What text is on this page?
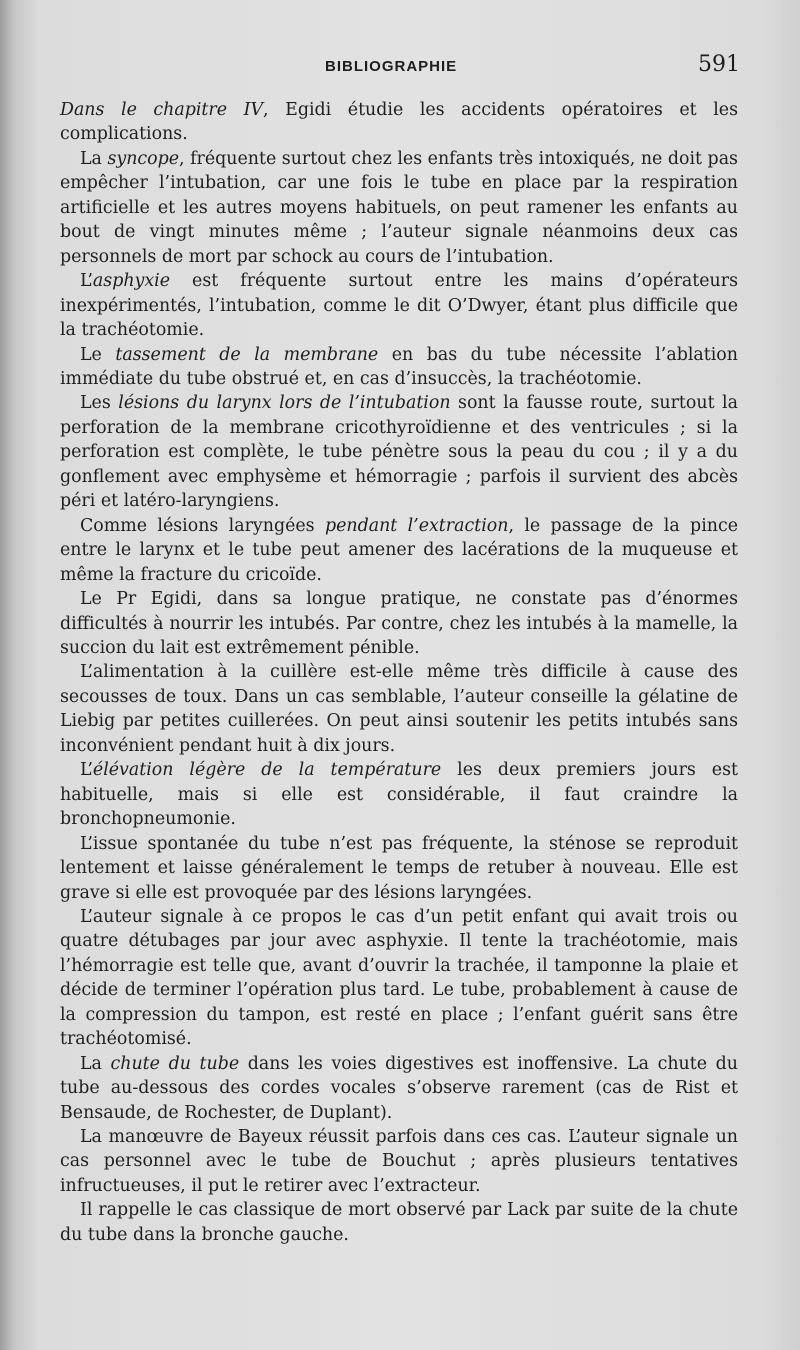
BIBLIOGRAPHIE	591

Dans le chapitre IV, Egidi étudie les accidents opératoires et les complications.

La syncope, fréquente surtout chez les enfants très intoxiqués, ne doit pas empêcher l’intubation, car une fois le tube en place par la respiration artificielle et les autres moyens habituels, on peut ramener les enfants au bout de vingt minutes même ; l’auteur signale néanmoins deux cas personnels de mort par schock au cours de l’intubation.

L’asphyxie est fréquente surtout entre les mains d’opérateurs inexpérimentés, l’intubation, comme le dit O’Dwyer, étant plus difficile que la trachéotomie.

Le tassement de la membrane en bas du tube nécessite l’ablation immédiate du tube obstrué et, en cas d’insuccès, la trachéotomie.

Les lésions du larynx lors de l’intubation sont la fausse route, surtout la perforation de la membrane cricothyroïdienne et des ventricules ; si la perforation est complète, le tube pénètre sous la peau du cou ; il y a du gonflement avec emphysème et hémorragie ; parfois il survient des abcès péri et latéro-laryngiens.

Comme lésions laryngées pendant l’extraction, le passage de la pince entre le larynx et le tube peut amener des lacérations de la muqueuse et même la fracture du cricoïde.

Le Pr Egidi, dans sa longue pratique, ne constate pas d’énormes difficultés à nourrir les intubés. Par contre, chez les intubés à la mamelle, la succion du lait est extrêmement pénible.

L’alimentation à la cuillère est-elle même très difficile à cause des secousses de toux. Dans un cas semblable, l’auteur conseille la gélatine de Liebig par petites cuillerées. On peut ainsi soutenir les petits intubés sans inconvénient pendant huit à dix jours.

L’élévation légère de la température les deux premiers jours est habituelle, mais si elle est considérable, il faut craindre la bronchopneumonie.

L’issue spontanée du tube n’est pas fréquente, la sténose se reproduit lentement et laisse généralement le temps de retuber à nouveau. Elle est grave si elle est provoquée par des lésions laryngées.

L’auteur signale à ce propos le cas d’un petit enfant qui avait trois ou quatre détubages par jour avec asphyxie. Il tente la trachéotomie, mais l’hémorragie est telle que, avant d’ouvrir la trachée, il tamponne la plaie et décide de terminer l’opération plus tard. Le tube, probablement à cause de la compression du tampon, est resté en place ; l’enfant guérit sans être trachéotomisé.

La chute du tube dans les voies digestives est inoffensive. La chute du tube au-dessous des cordes vocales s’observe rarement (cas de Rist et Bensaude, de Rochester, de Duplant).

La manœuvre de Bayeux réussit parfois dans ces cas. L’auteur signale un cas personnel avec le tube de Bouchut ; après plusieurs tentatives infructueuses, il put le retirer avec l’extracteur.

Il rappelle le cas classique de mort observé par Lack par suite de la chute du tube dans la bronche gauche.
